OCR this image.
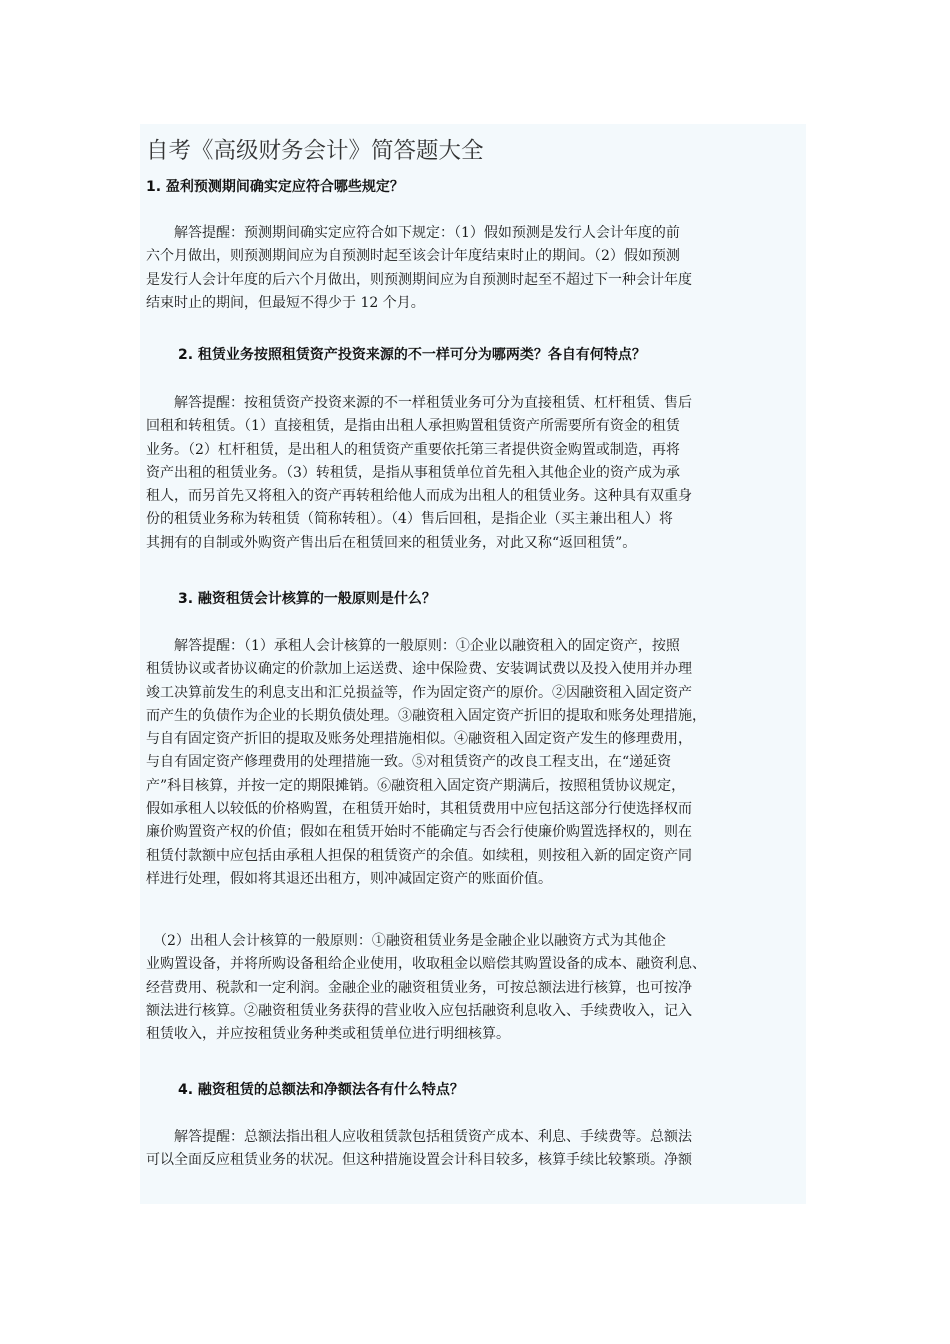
自考《高级财务会计》简答题大全

1. 盈利预测期间确实定应符合哪些规定？

　　解答提醒：预测期间确实定应符合如下规定：（1）假如预测是发行人会计年度的前
六个月做出，则预测期间应为自预测时起至该会计年度结束时止的期间。（2）假如预测
是发行人会计年度的后六个月做出，则预测期间应为自预测时起至不超过下一种会计年度
结束时止的期间，但最短不得少于 12 个月。

2. 租赁业务按照租赁资产投资来源的不一样可分为哪两类？各自有何特点？

　　解答提醒：按租赁资产投资来源的不一样租赁业务可分为直接租赁、杠杆租赁、售后
回租和转租赁。（1）直接租赁，是指由出租人承担购置租赁资产所需要所有资金的租赁
业务。（2）杠杆租赁，是出租人的租赁资产重要依托第三者提供资金购置或制造，再将
资产出租的租赁业务。（3）转租赁，是指从事租赁单位首先租入其他企业的资产成为承
租人，而另首先又将租入的资产再转租给他人而成为出租人的租赁业务。这种具有双重身
份的租赁业务称为转租赁（简称转租）。（4）售后回租，是指企业（买主兼出租人）将
其拥有的自制或外购资产售出后在租赁回来的租赁业务，对此又称“返回租赁”。

3. 融资租赁会计核算的一般原则是什么？

　　解答提醒：（1）承租人会计核算的一般原则：①企业以融资租入的固定资产，按照
租赁协议或者协议确定的价款加上运送费、途中保险费、安装调试费以及投入使用并办理
竣工决算前发生的利息支出和汇兑损益等，作为固定资产的原价。②因融资租入固定资产
而产生的负债作为企业的长期负债处理。③融资租入固定资产折旧的提取和账务处理措施，
与自有固定资产折旧的提取及账务处理措施相似。④融资租入固定资产发生的修理费用，
与自有固定资产修理费用的处理措施一致。⑤对租赁资产的改良工程支出，在“递延资
产”科目核算，并按一定的期限摊销。⑥融资租入固定资产期满后，按照租赁协议规定，
假如承租人以较低的价格购置，在租赁开始时，其租赁费用中应包括这部分行使选择权而
廉价购置资产权的价值；假如在租赁开始时不能确定与否会行使廉价购置选择权的，则在
租赁付款额中应包括由承租人担保的租赁资产的余值。如续租，则按租入新的固定资产同
样进行处理，假如将其退还出租方，则冲减固定资产的账面价值。
　（2）出租人会计核算的一般原则：①融资租赁业务是金融企业以融资方式为其他企
业购置设备，并将所购设备租给企业使用，收取租金以赔偿其购置设备的成本、融资利息、
经营费用、税款和一定利润。金融企业的融资租赁业务，可按总额法进行核算，也可按净
额法进行核算。②融资租赁业务获得的营业收入应包括融资利息收入、手续费收入，记入
租赁收入，并应按租赁业务种类或租赁单位进行明细核算。

4. 融资租赁的总额法和净额法各有什么特点？

　　解答提醒：总额法指出租人应收租赁款包括租赁资产成本、利息、手续费等。总额法
可以全面反应租赁业务的状况。但这种措施设置会计科目较多，核算手续比较繁琐。净额
